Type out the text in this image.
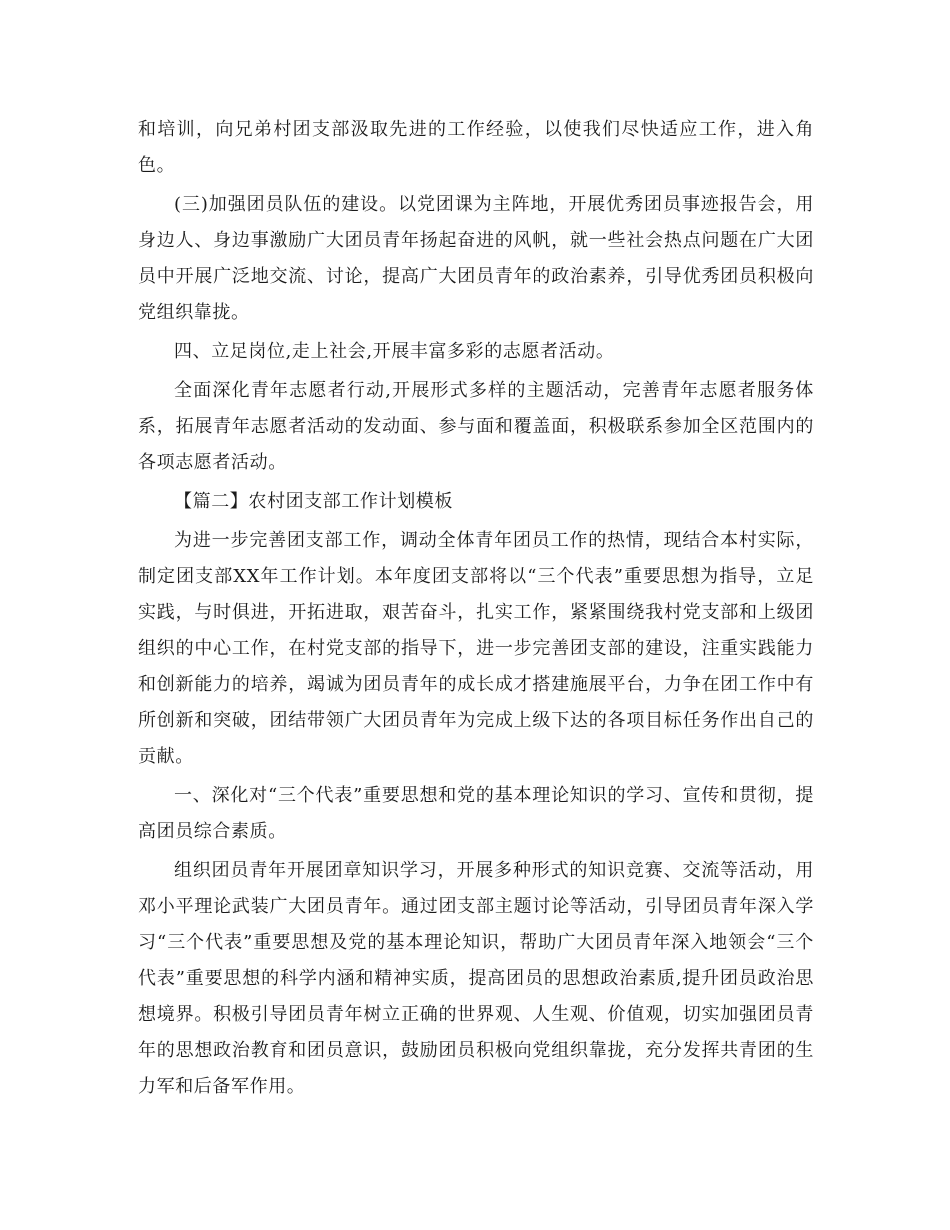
和培训，向兄弟村团支部汲取先进的工作经验，以使我们尽快适应工作，进入角色。

(三)加强团员队伍的建设。以党团课为主阵地，开展优秀团员事迹报告会，用身边人、身边事激励广大团员青年扬起奋进的风帆，就一些社会热点问题在广大团员中开展广泛地交流、讨论，提高广大团员青年的政治素养，引导优秀团员积极向党组织靠拢。

四、立足岗位,走上社会,开展丰富多彩的志愿者活动。

全面深化青年志愿者行动,开展形式多样的主题活动，完善青年志愿者服务体系，拓展青年志愿者活动的发动面、参与面和覆盖面，积极联系参加全区范围内的各项志愿者活动。

【篇二】农村团支部工作计划模板

为进一步完善团支部工作，调动全体青年团员工作的热情，现结合本村实际，制定团支部XX年工作计划。本年度团支部将以“三个代表”重要思想为指导，立足实践，与时俱进，开拓进取，艰苦奋斗，扎实工作，紧紧围绕我村党支部和上级团组织的中心工作，在村党支部的指导下，进一步完善团支部的建设，注重实践能力和创新能力的培养，竭诚为团员青年的成长成才搭建施展平台，力争在团工作中有所创新和突破，团结带领广大团员青年为完成上级下达的各项目标任务作出自己的贡献。

一、深化对“三个代表”重要思想和党的基本理论知识的学习、宣传和贯彻，提高团员综合素质。

组织团员青年开展团章知识学习，开展多种形式的知识竞赛、交流等活动，用邓小平理论武装广大团员青年。通过团支部主题讨论等活动，引导团员青年深入学习“三个代表”重要思想及党的基本理论知识，帮助广大团员青年深入地领会“三个代表”重要思想的科学内涵和精神实质，提高团员的思想政治素质,提升团员政治思想境界。积极引导团员青年树立正确的世界观、人生观、价值观，切实加强团员青年的思想政治教育和团员意识，鼓励团员积极向党组织靠拢，充分发挥共青团的生力军和后备军作用。
